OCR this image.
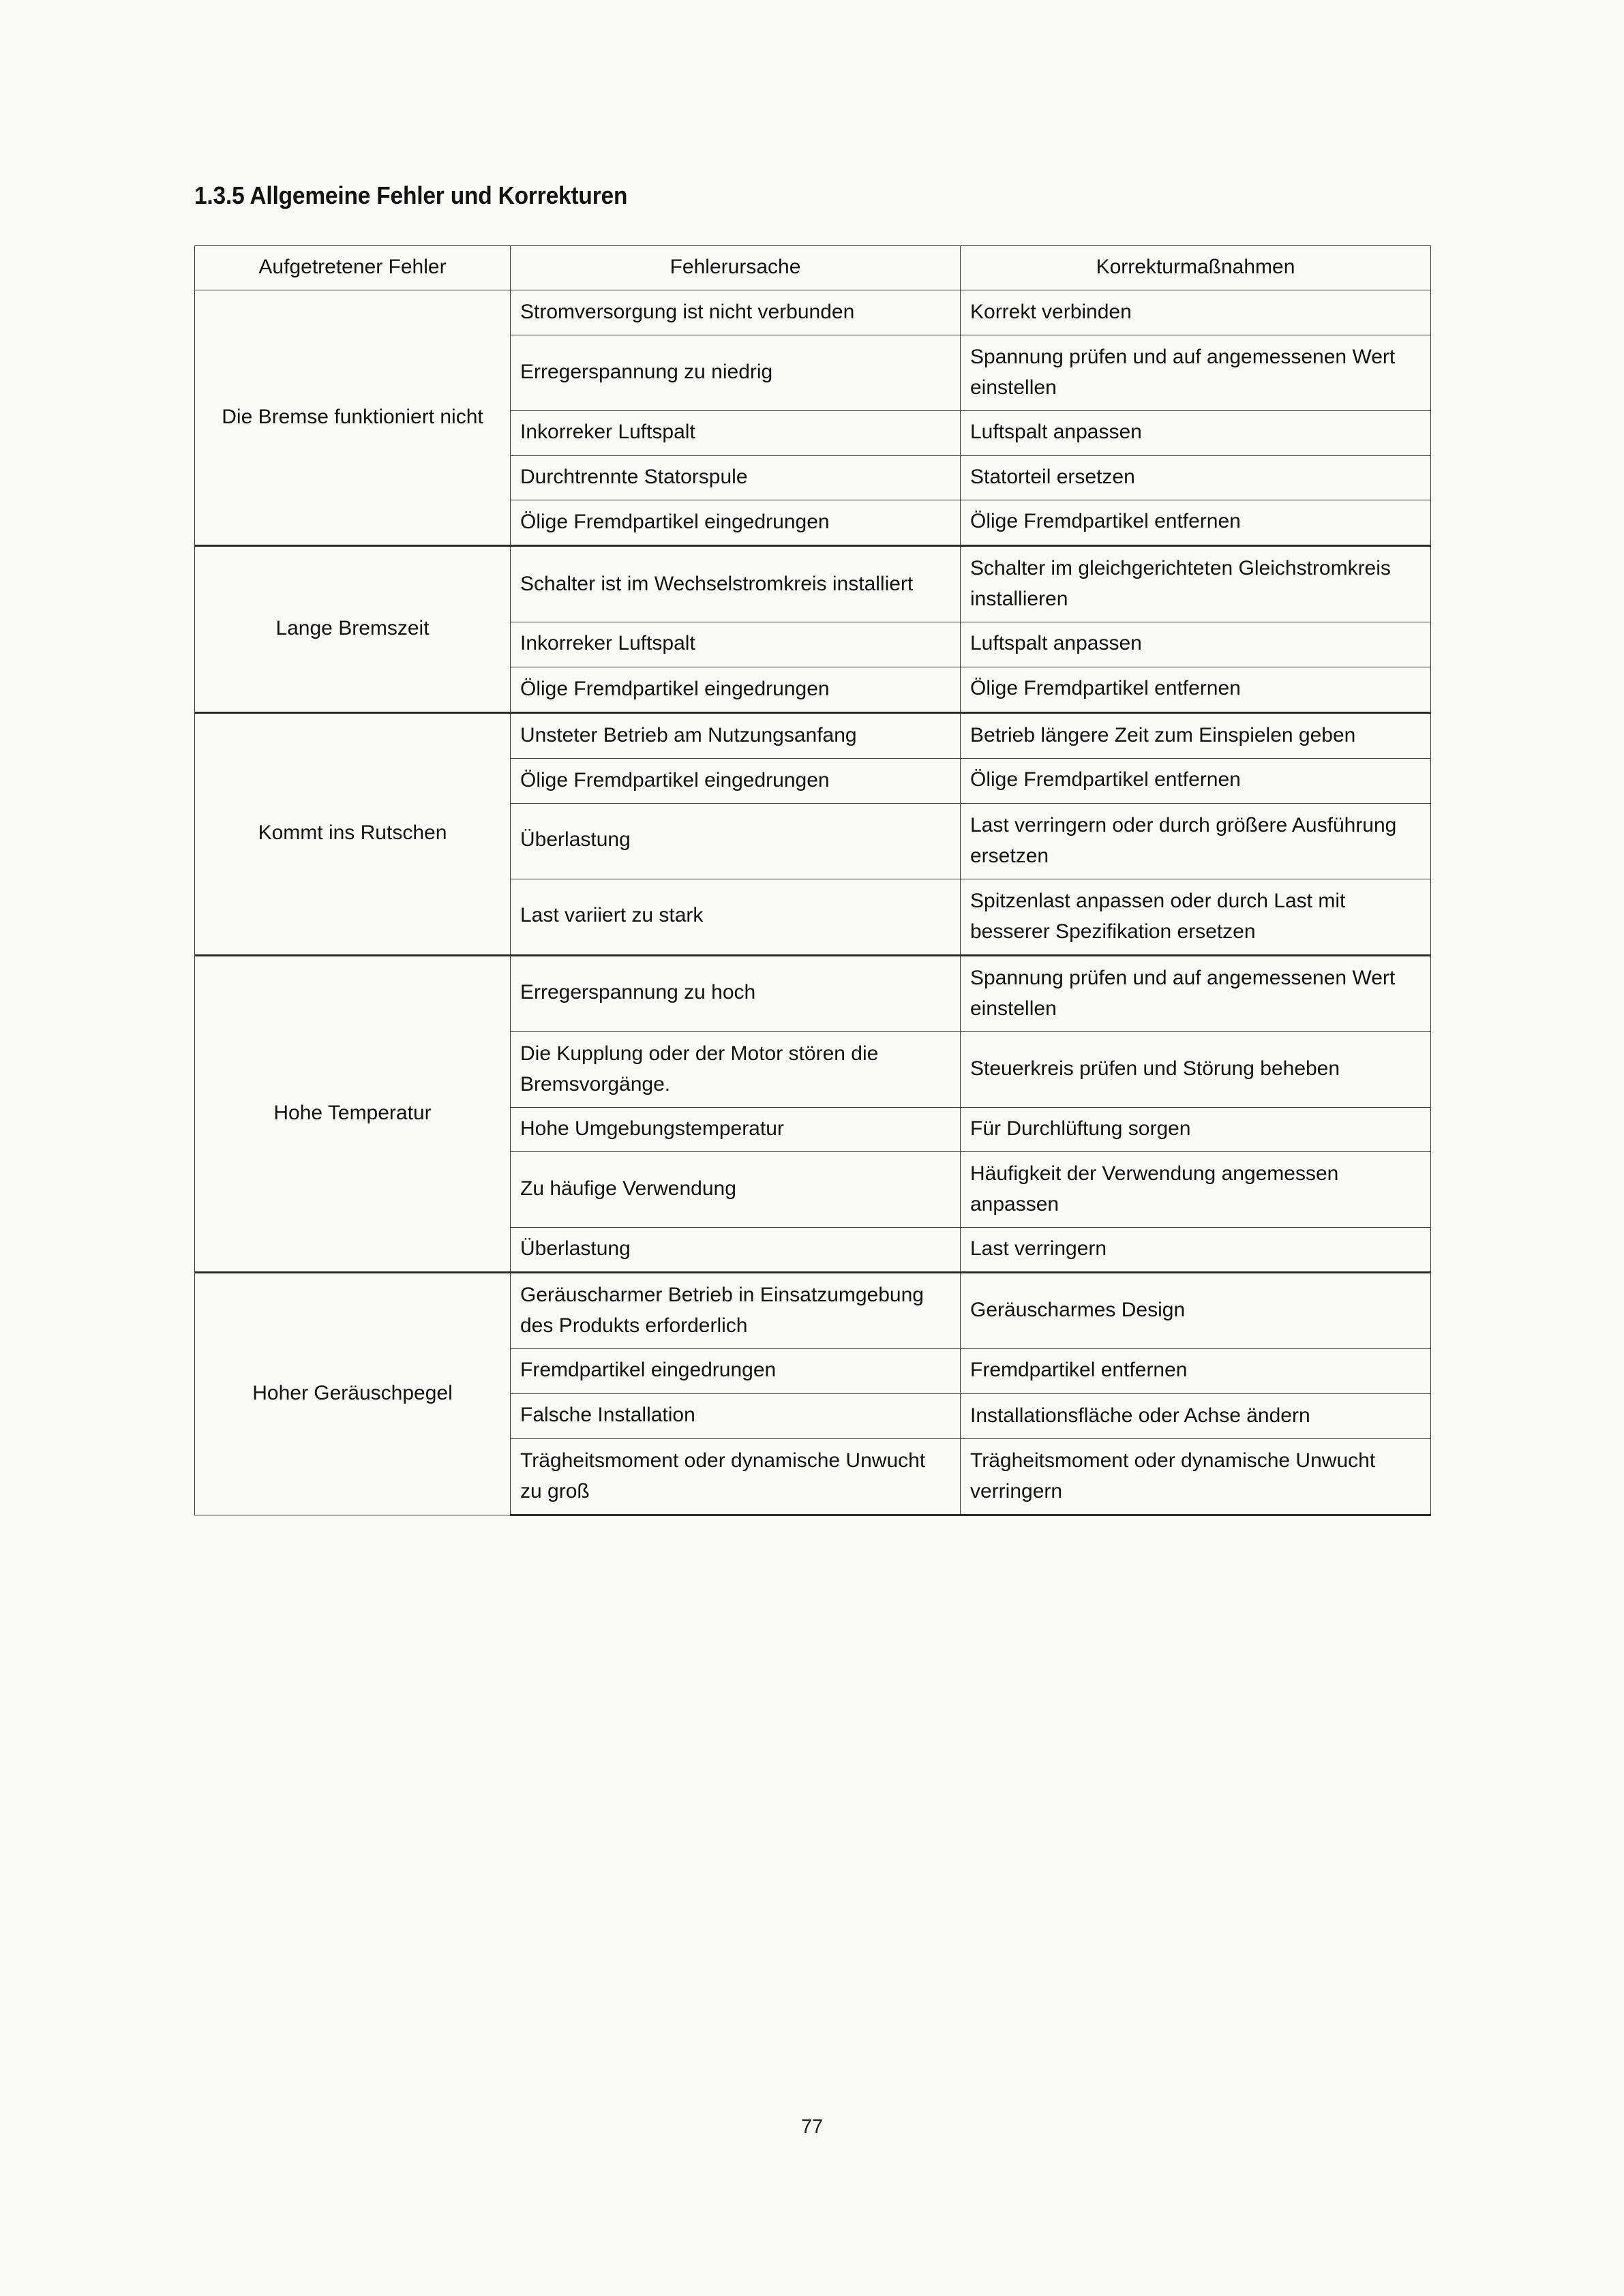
1.3.5 Allgemeine Fehler und Korrekturen
Aufgetretener Fehler	Fehlerursache	Korrekturmaßnahmen
Die Bremse funktioniert nicht	Stromversorgung ist nicht verbunden	Korrekt verbinden
	Erregerspannung zu niedrig	Spannung prüfen und auf angemessenen Wert einstellen
	Inkorreker Luftspalt	Luftspalt anpassen
	Durchtrennte Statorspule	Statorteil ersetzen
	Ölige Fremdpartikel eingedrungen	Ölige Fremdpartikel entfernen
Lange Bremszeit	Schalter ist im Wechselstromkreis installiert	Schalter im gleichgerichteten Gleichstromkreis installieren
	Inkorreker Luftspalt	Luftspalt anpassen
	Ölige Fremdpartikel eingedrungen	Ölige Fremdpartikel entfernen
Kommt ins Rutschen	Unsteter Betrieb am Nutzungsanfang	Betrieb längere Zeit zum Einspielen geben
	Ölige Fremdpartikel eingedrungen	Ölige Fremdpartikel entfernen
	Überlastung	Last verringern oder durch größere Ausführung ersetzen
	Last variiert zu stark	Spitzenlast anpassen oder durch Last mit besserer Spezifikation ersetzen
Hohe Temperatur	Erregerspannung zu hoch	Spannung prüfen und auf angemessenen Wert einstellen
	Die Kupplung oder der Motor stören die Bremsvorgänge.	Steuerkreis prüfen und Störung beheben
	Hohe Umgebungstemperatur	Für Durchlüftung sorgen
	Zu häufige Verwendung	Häufigkeit der Verwendung angemessen anpassen
	Überlastung	Last verringern
Hoher Geräuschpegel	Geräuscharmer Betrieb in Einsatzumgebung des Produkts erforderlich	Geräuscharmes Design
	Fremdpartikel eingedrungen	Fremdpartikel entfernen
	Falsche Installation	Installationsfläche oder Achse ändern
	Trägheitsmoment oder dynamische Unwucht zu groß	Trägheitsmoment oder dynamische Unwucht verringern
77
